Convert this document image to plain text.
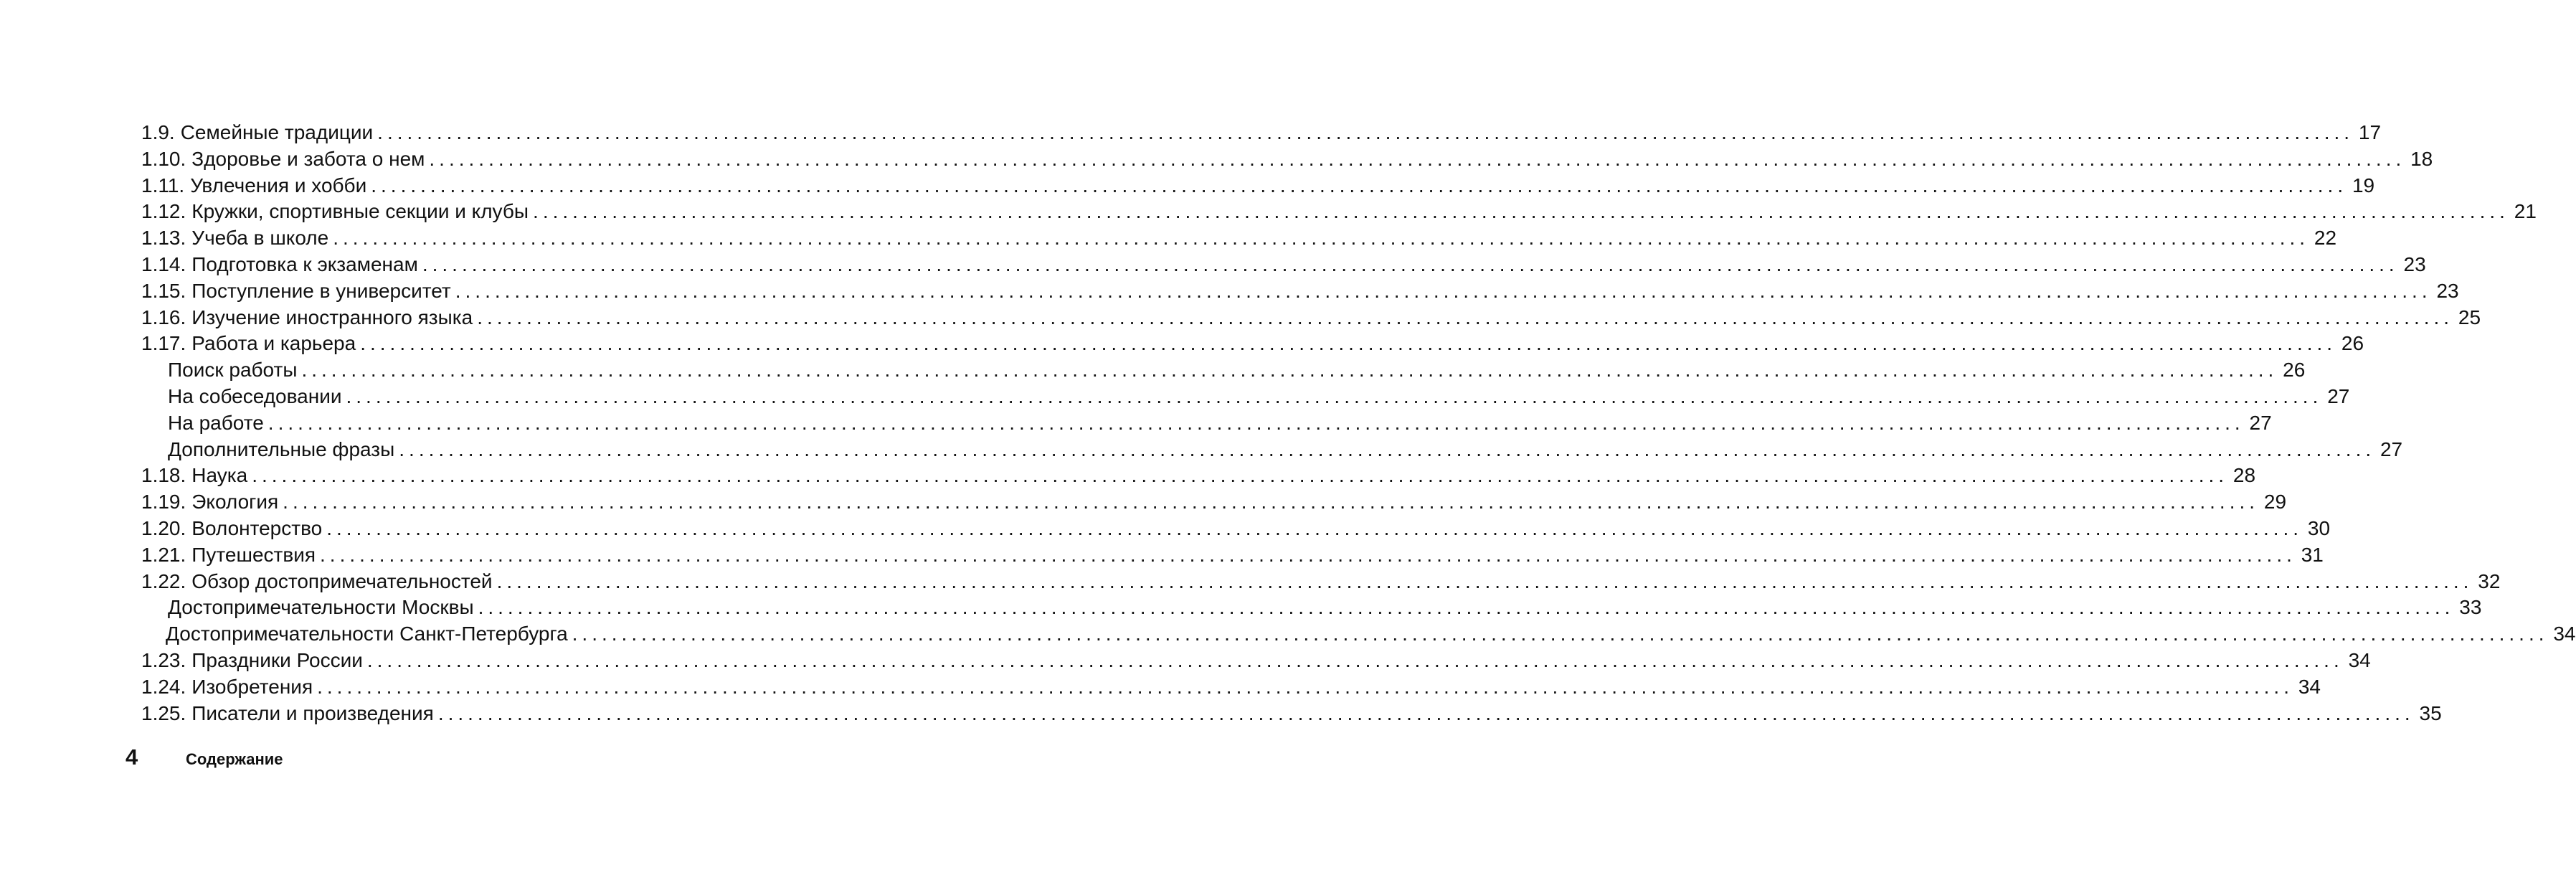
1.9. Семейные традиции ........................................................................................................................................................................................................ 17
1.10. Здоровье и забота о нем ........................................................................................................................................................................................................ 18
1.11. Увлечения и хобби ........................................................................................................................................................................................................ 19
1.12. Кружки, спортивные секции и клубы ........................................................................................................................................................................................................ 21
1.13. Учеба в школе ........................................................................................................................................................................................................ 22
1.14. Подготовка к экзаменам ........................................................................................................................................................................................................ 23
1.15. Поступление в университет ........................................................................................................................................................................................................ 23
1.16. Изучение иностранного языка ........................................................................................................................................................................................................ 25
1.17. Работа и карьера ........................................................................................................................................................................................................ 26
Поиск работы ........................................................................................................................................................................................................ 26
На собеседовании ........................................................................................................................................................................................................ 27
На работе ........................................................................................................................................................................................................ 27
Дополнительные фразы ........................................................................................................................................................................................................ 27
1.18. Наука ........................................................................................................................................................................................................ 28
1.19. Экология ........................................................................................................................................................................................................ 29
1.20. Волонтерство ........................................................................................................................................................................................................ 30
1.21. Путешествия ........................................................................................................................................................................................................ 31
1.22. Обзор достопримечательностей ........................................................................................................................................................................................................ 32
Достопримечательности Москвы ........................................................................................................................................................................................................ 33
Достопримечательности Санкт-Петербурга ........................................................................................................................................................................................................ 34
1.23. Праздники России ........................................................................................................................................................................................................ 34
1.24. Изобретения ........................................................................................................................................................................................................ 34
1.25. Писатели и произведения ........................................................................................................................................................................................................ 35
4	Содержание
